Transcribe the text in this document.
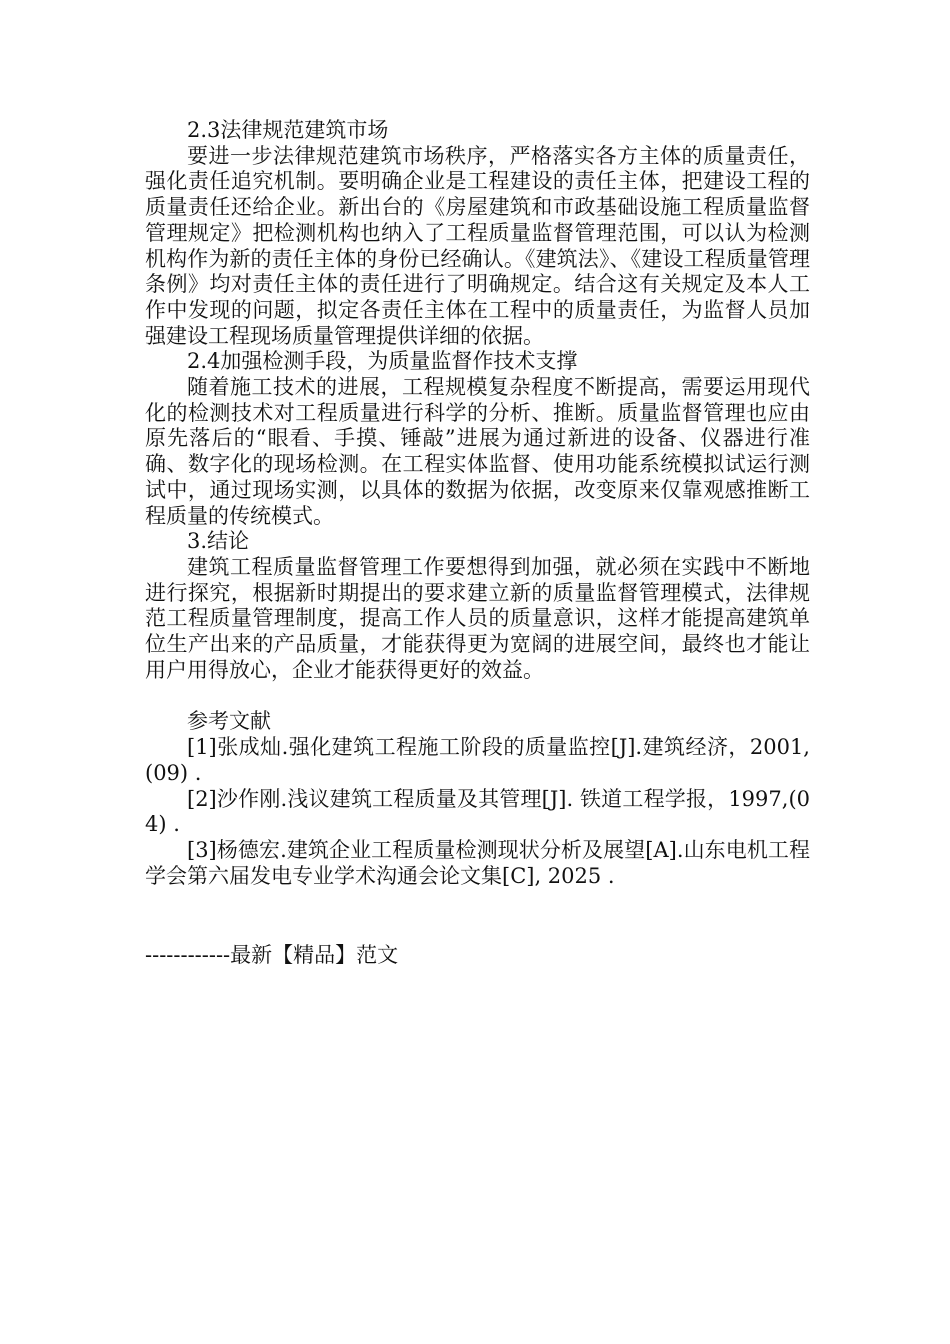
2.3法律规范建筑市场

要进一步法律规范建筑市场秩序，严格落实各方主体的质量责任，强化责任追究机制。要明确企业是工程建设的责任主体，把建设工程的质量责任还给企业。新出台的《房屋建筑和市政基础设施工程质量监督管理规定》把检测机构也纳入了工程质量监督管理范围，可以认为检测机构作为新的责任主体的身份已经确认。《建筑法》、《建设工程质量管理条例》均对责任主体的责任进行了明确规定。结合这有关规定及本人工作中发现的问题，拟定各责任主体在工程中的质量责任，为监督人员加强建设工程现场质量管理提供详细的依据。

2.4加强检测手段，为质量监督作技术支撑

随着施工技术的进展，工程规模复杂程度不断提高，需要运用现代化的检测技术对工程质量进行科学的分析、推断。质量监督管理也应由原先落后的“眼看、手摸、锤敲”进展为通过新进的设备、仪器进行准确、数字化的现场检测。在工程实体监督、使用功能系统模拟试运行测试中，通过现场实测，以具体的数据为依据，改变原来仅靠观感推断工程质量的传统模式。

3.结论

建筑工程质量监督管理工作要想得到加强，就必须在实践中不断地进行探究，根据新时期提出的要求建立新的质量监督管理模式，法律规范工程质量管理制度，提高工作人员的质量意识，这样才能提高建筑单位生产出来的产品质量，才能获得更为宽阔的进展空间，最终也才能让用户用得放心，企业才能获得更好的效益。

参考文献

[1]张成灿.强化建筑工程施工阶段的质量监控[J].建筑经济，2001,(09) .

[2]沙作刚.浅议建筑工程质量及其管理[J]. 铁道工程学报，1997,(04) .

[3]杨德宏.建筑企业工程质量检测现状分析及展望[A].山东电机工程学会第六届发电专业学术沟通会论文集[C], 2025 .

------------最新【精品】范文
